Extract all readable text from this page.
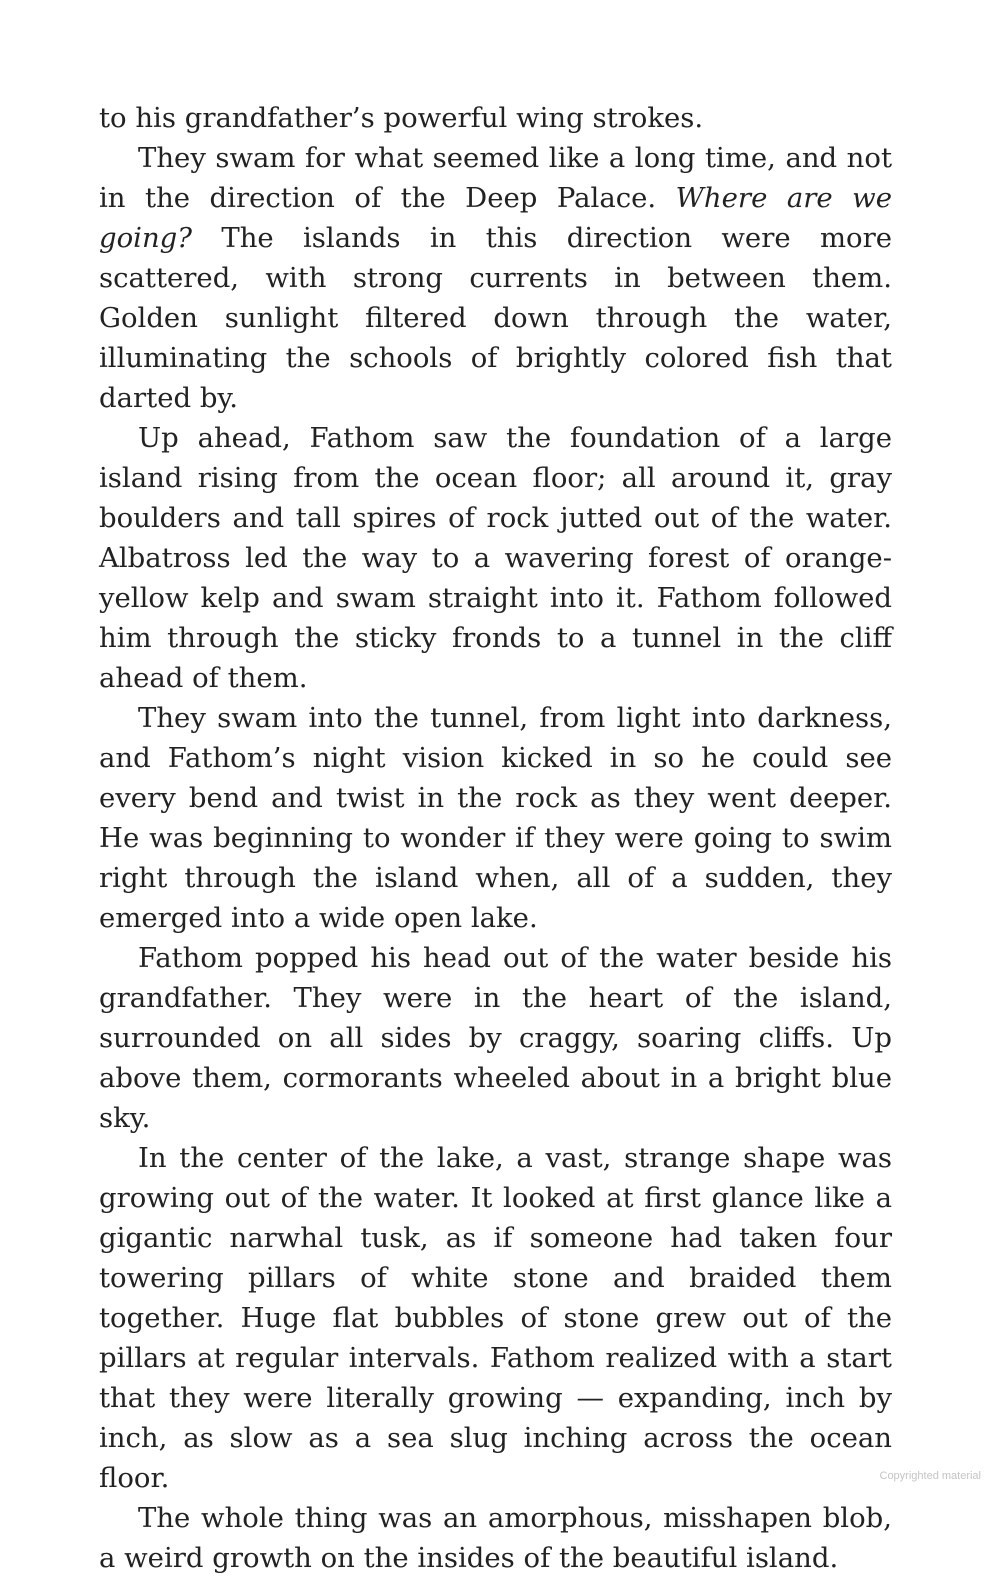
to his grandfather’s powerful wing strokes.

They swam for what seemed like a long time, and not in the direction of the Deep Palace. Where are we going? The islands in this direction were more scattered, with strong currents in between them. Golden sunlight filtered down through the water, illuminating the schools of brightly colored fish that darted by.

Up ahead, Fathom saw the foundation of a large island rising from the ocean floor; all around it, gray boulders and tall spires of rock jutted out of the water. Albatross led the way to a wavering forest of orange-yellow kelp and swam straight into it. Fathom followed him through the sticky fronds to a tunnel in the cliff ahead of them.

They swam into the tunnel, from light into darkness, and Fathom’s night vision kicked in so he could see every bend and twist in the rock as they went deeper. He was beginning to wonder if they were going to swim right through the island when, all of a sudden, they emerged into a wide open lake.

Fathom popped his head out of the water beside his grandfather. They were in the heart of the island, surrounded on all sides by craggy, soaring cliffs. Up above them, cormorants wheeled about in a bright blue sky.

In the center of the lake, a vast, strange shape was growing out of the water. It looked at first glance like a gigantic narwhal tusk, as if someone had taken four towering pillars of white stone and braided them together. Huge flat bubbles of stone grew out of the pillars at regular intervals. Fathom realized with a start that they were literally growing — expanding, inch by inch, as slow as a sea slug inching across the ocean floor.

The whole thing was an amorphous, misshapen blob, a weird growth on the insides of the beautiful island.

Copyrighted material
